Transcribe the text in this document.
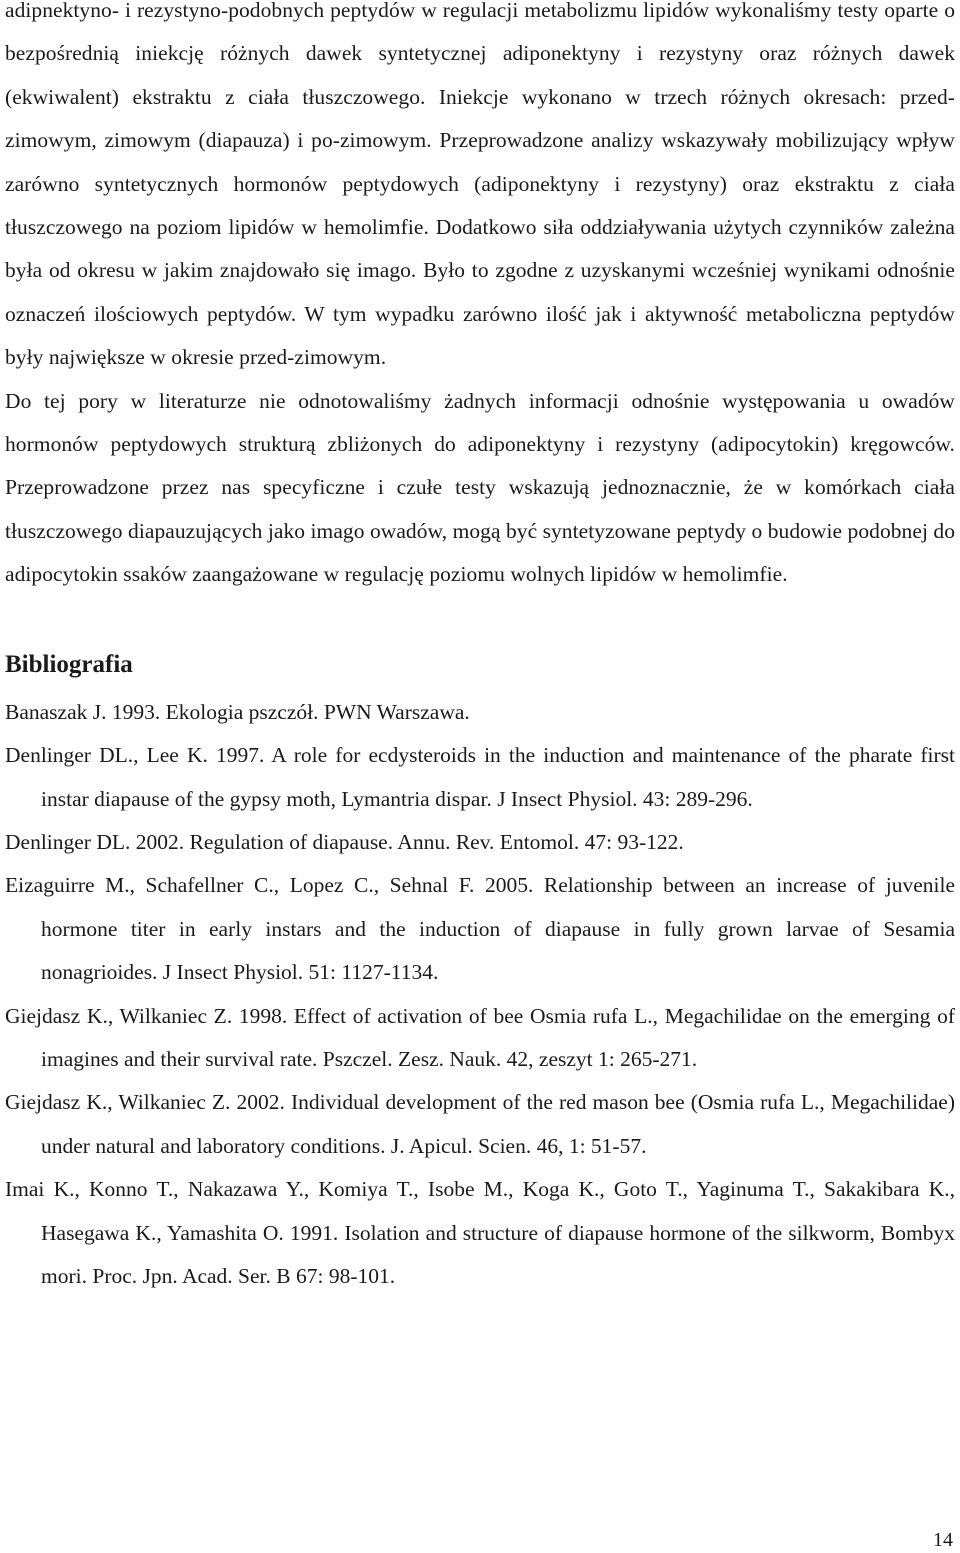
adipnektyno- i rezystyno-podobnych peptydów w regulacji metabolizmu lipidów wykonaliśmy testy oparte o bezpośrednią iniekcję różnych dawek syntetycznej adiponektyny i rezystyny oraz różnych dawek (ekwiwalent) ekstraktu z ciała tłuszczowego. Iniekcje wykonano w trzech różnych okresach: przed-zimowym, zimowym (diapauza) i po-zimowym. Przeprowadzone analizy wskazywały mobilizujący wpływ zarówno syntetycznych hormonów peptydowych (adiponektyny i rezystyny) oraz ekstraktu z ciała tłuszczowego na poziom lipidów w hemolimfie. Dodatkowo siła oddziaływania użytych czynników zależna była od okresu w jakim znajdowało się imago. Było to zgodne z uzyskanymi wcześniej wynikami odnośnie oznaczeń ilościowych peptydów. W tym wypadku zarówno ilość jak i aktywność metaboliczna peptydów były największe w okresie przed-zimowym.

Do tej pory w literaturze nie odnotowaliśmy żadnych informacji odnośnie występowania u owadów hormonów peptydowych strukturą zbliżonych do adiponektyny i rezystyny (adipocytokin) kręgowców. Przeprowadzone przez nas specyficzne i czułe testy wskazują jednoznacznie, że w komórkach ciała tłuszczowego diapauzujących jako imago owadów, mogą być syntetyzowane peptydy o budowie podobnej do adipocytokin ssaków zaangażowane w regulację poziomu wolnych lipidów w hemolimfie.

Bibliografia

Banaszak J. 1993. Ekologia pszczół. PWN Warszawa.

Denlinger DL., Lee K. 1997. A role for ecdysteroids in the induction and maintenance of the pharate first instar diapause of the gypsy moth, Lymantria dispar. J Insect Physiol. 43: 289-296.

Denlinger DL. 2002. Regulation of diapause. Annu. Rev. Entomol. 47: 93-122.

Eizaguirre M., Schafellner C., Lopez C., Sehnal F. 2005. Relationship between an increase of juvenile hormone titer in early instars and the induction of diapause in fully grown larvae of Sesamia nonagrioides. J Insect Physiol. 51: 1127-1134.

Giejdasz K., Wilkaniec Z. 1998. Effect of activation of bee Osmia rufa L., Megachilidae on the emerging of imagines and their survival rate. Pszczel. Zesz. Nauk. 42, zeszyt 1: 265-271.

Giejdasz K., Wilkaniec Z. 2002. Individual development of the red mason bee (Osmia rufa L., Megachilidae) under natural and laboratory conditions. J. Apicul. Scien. 46, 1: 51-57.

Imai K., Konno T., Nakazawa Y., Komiya T., Isobe M., Koga K., Goto T., Yaginuma T., Sakakibara K., Hasegawa K., Yamashita O. 1991. Isolation and structure of diapause hormone of the silkworm, Bombyx mori. Proc. Jpn. Acad. Ser. B 67: 98-101.

14
